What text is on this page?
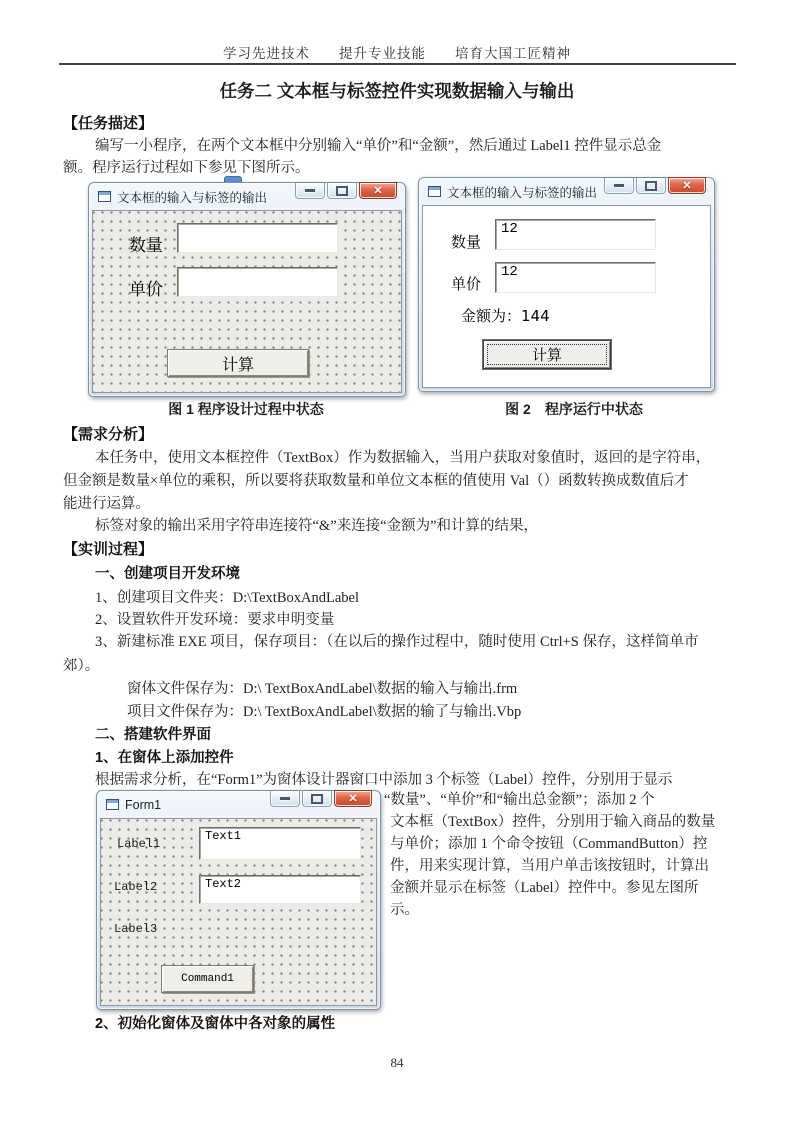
学习先进技术　　提升专业技能　　培育大国工匠精神
任务二 文本框与标签控件实现数据输入与输出
【任务描述】
编写一小程序，在两个文本框中分别输入“单价”和“金额”，然后通过 Label1 控件显示总金
额。程序运行过程如下参见下图所示。
文本框的输入与标签的输出	✕
数量
单价
计算
图 1 程序设计过程中状态
文本框的输入与标签的输出	✕
数量
12
单价
12
金额为：144
计算
图 2　程序运行中状态
【需求分析】
本任务中，使用文本框控件（TextBox）作为数据输入，当用户获取对象值时，返回的是字符串，
但金额是数量×单位的乘积，所以要将获取数量和单位文本框的值使用 Val（）函数转换成数值后才
能进行运算。
标签对象的输出采用字符串连接符“&”来连接“金额为”和计算的结果，
【实训过程】
一、创建项目开发环境
1、创建项目文件夹：D:\TextBoxAndLabel
2、设置软件开发环境：要求申明变量
3、新建标准 EXE 项目，保存项目：（在以后的操作过程中，随时使用 Ctrl+S 保存，这样简单市
郊）。
窗体文件保存为：D:\ TextBoxAndLabel\数据的输入与输出.frm
项目文件保存为：D:\ TextBoxAndLabel\数据的输了与输出.Vbp
二、搭建软件界面
1、在窗体上添加控件
根据需求分析，在“Form1”为窗体设计器窗口中添加 3 个标签（Label）控件，分别用于显示
Form1	✕
Label1
Text1
Label2	Text2
Label3
Command1
“数量”、“单价”和“输出总金额”；添加 2 个
文本框（TextBox）控件，分别用于输入商品的数量
与单价；添加 1 个命令按钮（CommandButton）控
件，用来实现计算，当用户单击该按钮时，计算出
金额并显示在标签（Label）控件中。参见左图所
示。
2、初始化窗体及窗体中各对象的属性
84
